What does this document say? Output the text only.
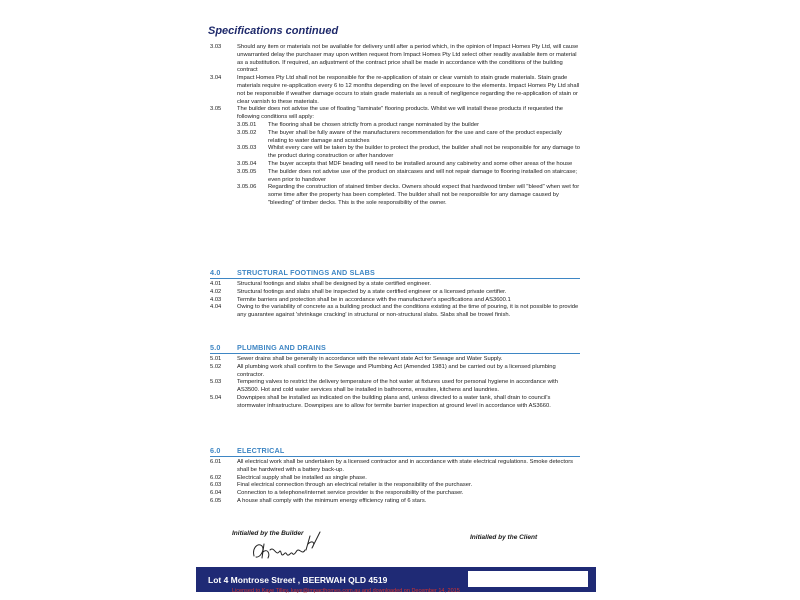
Specifications continued
3.03	Should any item or materials not be available for delivery until after a period which, in the opinion of Impact Homes Pty Ltd, will cause unwarranted delay the purchaser may upon written request from Impact Homes Pty Ltd select other readily available item or material as a substitution. If required, an adjustment of the contract price shall be made in accordance with the conditions of the building contract
3.04	Impact Homes Pty Ltd shall not be responsible for the re-application of stain or clear varnish to stain grade materials. Stain grade materials require re-application every 6 to 12 months depending on the level of exposure to the elements. Impact Homes Pty Ltd shall not be responsible if weather damage occurs to stain grade materials as a result of negligence regarding the re-application of stain or clear varnish to these materials.
3.05	The builder does not advise the use of floating "laminate" flooring products. Whilst we will install these products if requested the following conditions will apply:
3.05.01	The flooring shall be chosen strictly from a product range nominated by the builder
3.05.02	The buyer shall be fully aware of the manufacturers recommendation for the use and care of the product especially relating to water damage and scratches
3.05.03	Whilst every care will be taken by the builder to protect the product, the builder shall not be responsible for any damage to the product during construction or after handover
3.05.04	The buyer accepts that MDF beading will need to be installed around any cabinetry and some other areas of the house
3.05.05	The builder does not advise use of the product on staircases and will not repair damage to flooring installed on staircase; even prior to handover
3.05.06	Regarding the construction of stained timber decks. Owners should expect that hardwood timber will "bleed" when wet for some time after the property has been completed. The builder shall not be responsible for any damage caused by "bleeding" of timber decks. This is the sole responsibility of the owner.
4.0	STRUCTURAL FOOTINGS AND SLABS
4.01	Structural footings and slabs shall be designed by a state certified engineer.
4.02	Structural footings and slabs shall be inspected by a state certified engineer or a licensed private certifier.
4.03	Termite barriers and protection shall be in accordance with the manufacturer's specifications and AS3600.1
4.04	Owing to the variability of concrete as a building product and the conditions existing at the time of pouring, it is not possible to provide any guarantee against 'shrinkage cracking' in structural or non-structural slabs. Slabs shall be trowel finish.
5.0	PLUMBING AND DRAINS
5.01	Sewer drains shall be generally in accordance with the relevant state Act for Sewage and Water Supply.
5.02	All plumbing work shall confirm to the Sewage and Plumbing Act (Amended 1981) and be carried out by a licensed plumbing contractor.
5.03	Tempering valves to restrict the delivery temperature of the hot water at fixtures used for personal hygiene in accordance with AS3500. Hot and cold water services shall be installed in bathrooms, ensuites, kitchens and laundries.
5.04	Downpipes shall be installed as indicated on the building plans and, unless directed to a water tank, shall drain to council's stormwater infrastructure. Downpipes are to allow for termite barrier inspection at ground level in accordance with AS3660.
6.0	ELECTRICAL
6.01	All electrical work shall be undertaken by a licensed contractor and in accordance with state electrical regulations. Smoke detectors shall be hardwired with a battery back-up.
6.02	Electrical supply shall be installed as single phase.
6.03	Final electrical connection through an electrical retailer is the responsibility of the purchaser.
6.04	Connection to a telephone/internet service provider is the responsibility of the purchaser.
6.05	A house shall comply with the minimum energy efficiency rating of 6 stars.
Initialled by the Builder
Initialled by the Client
Lot 4 Montrose Street , BEERWAH QLD 4519
Licensed to Kaye Tilley, kaye@impacthomes.com.au and downloaded on December 14, 2015
